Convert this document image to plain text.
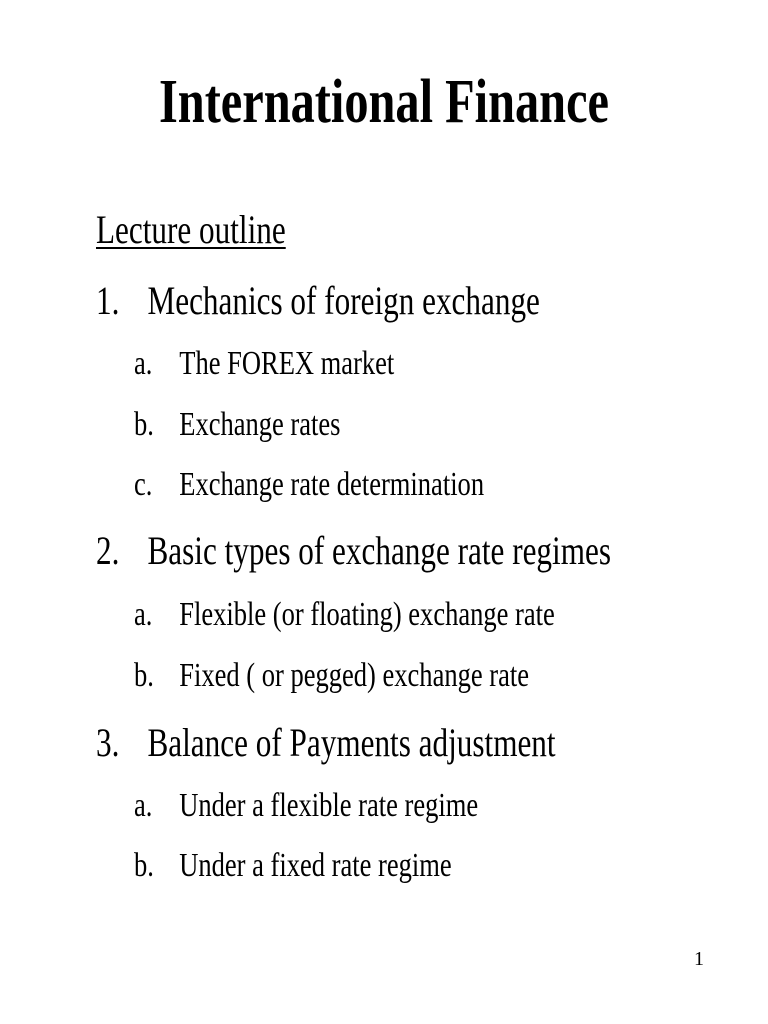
International Finance
Lecture outline
1. Mechanics of foreign exchange
a. The FOREX market
b. Exchange rates
c. Exchange rate determination
2. Basic types of exchange rate regimes
a. Flexible (or floating) exchange rate
b. Fixed ( or pegged) exchange rate
3. Balance of Payments adjustment
a. Under a flexible rate regime
b. Under a fixed rate regime
1
